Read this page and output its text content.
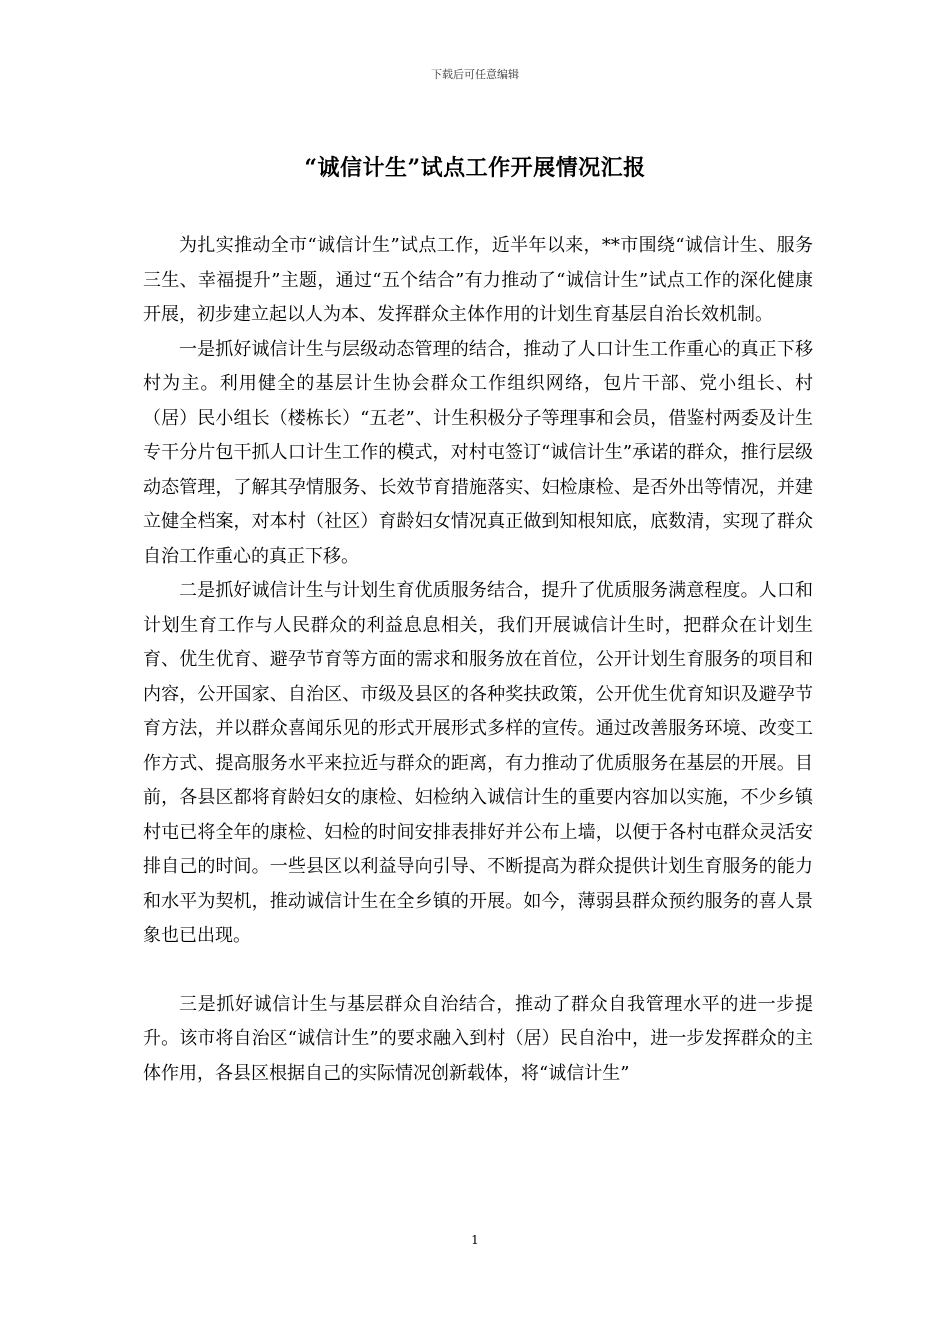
下载后可任意编辑
“诚信计生”试点工作开展情况汇报

为扎实推动全市“诚信计生”试点工作，近半年以来，**市围绕“诚信计生、服务三生、幸福提升”主题，通过“五个结合”有力推动了“诚信计生”试点工作的深化健康开展，初步建立起以人为本、发挥群众主体作用的计划生育基层自治长效机制。

一是抓好诚信计生与层级动态管理的结合，推动了人口计生工作重心的真正下移村为主。利用健全的基层计生协会群众工作组织网络，包片干部、党小组长、村（居）民小组长（楼栋长）“五老”、计生积极分子等理事和会员，借鉴村两委及计生专干分片包干抓人口计生工作的模式，对村屯签订“诚信计生”承诺的群众，推行层级动态管理，了解其孕情服务、长效节育措施落实、妇检康检、是否外出等情况，并建立健全档案，对本村（社区）育龄妇女情况真正做到知根知底，底数清，实现了群众自治工作重心的真正下移。

二是抓好诚信计生与计划生育优质服务结合，提升了优质服务满意程度。人口和计划生育工作与人民群众的利益息息相关，我们开展诚信计生时，把群众在计划生育、优生优育、避孕节育等方面的需求和服务放在首位，公开计划生育服务的项目和内容，公开国家、自治区、市级及县区的各种奖扶政策，公开优生优育知识及避孕节育方法，并以群众喜闻乐见的形式开展形式多样的宣传。通过改善服务环境、改变工作方式、提高服务水平来拉近与群众的距离，有力推动了优质服务在基层的开展。目前，各县区都将育龄妇女的康检、妇检纳入诚信计生的重要内容加以实施，不少乡镇村屯已将全年的康检、妇检的时间安排表排好并公布上墙，以便于各村屯群众灵活安排自己的时间。一些县区以利益导向引导、不断提高为群众提供计划生育服务的能力和水平为契机，推动诚信计生在全乡镇的开展。如今，薄弱县群众预约服务的喜人景象也已出现。

三是抓好诚信计生与基层群众自治结合，推动了群众自我管理水平的进一步提升。该市将自治区“诚信计生”的要求融入到村（居）民自治中，进一步发挥群众的主体作用，各县区根据自己的实际情况创新载体，将“诚信计生”

1
